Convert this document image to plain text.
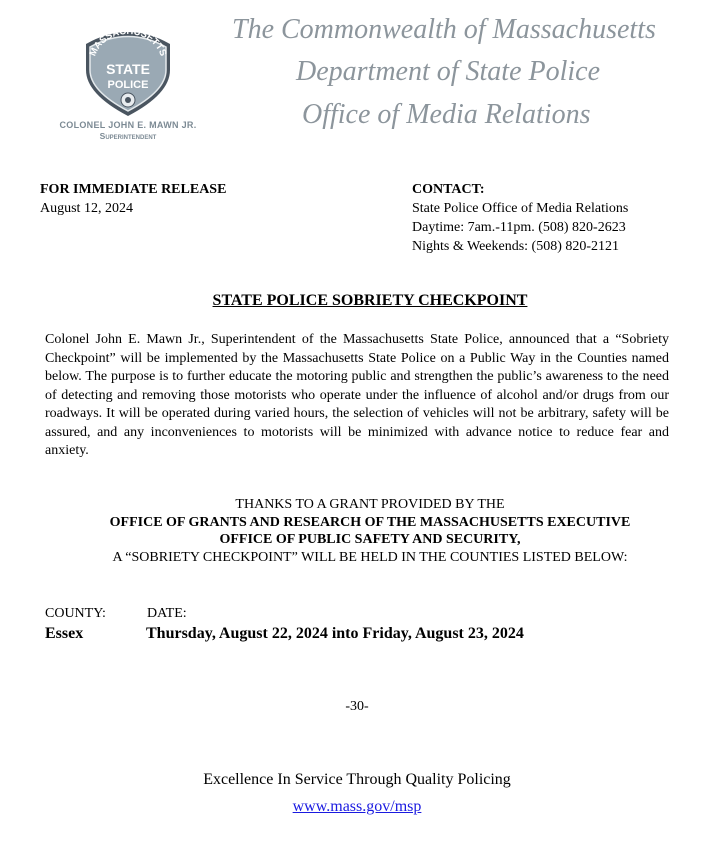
MASSACHUSETTS
STATE
POLICE
COLONEL JOHN E. MAWN JR.
Superintendent
The Commonwealth of Massachusetts
Department of State Police
Office of Media Relations
FOR IMMEDIATE RELEASE
August 12, 2024
CONTACT:
State Police Office of Media Relations
Daytime: 7am.-11pm. (508) 820-2623
Nights & Weekends: (508) 820-2121
STATE POLICE SOBRIETY CHECKPOINT
Colonel John E. Mawn Jr., Superintendent of the Massachusetts State Police, announced that a “Sobriety Checkpoint” will be implemented by the Massachusetts State Police on a Public Way in the Counties named below. The purpose is to further educate the motoring public and strengthen the public’s awareness to the need of detecting and removing those motorists who operate under the influence of alcohol and/or drugs from our roadways. It will be operated during varied hours, the selection of vehicles will not be arbitrary, safety will be assured, and any inconveniences to motorists will be minimized with advance notice to reduce fear and anxiety.
THANKS TO A GRANT PROVIDED BY THE
OFFICE OF GRANTS AND RESEARCH OF THE MASSACHUSETTS EXECUTIVE
OFFICE OF PUBLIC SAFETY AND SECURITY,
A “SOBRIETY CHECKPOINT” WILL BE HELD IN THE COUNTIES LISTED BELOW:
COUNTY:	DATE:
Essex	Thursday, August 22, 2024 into Friday, August 23, 2024
-30-
Excellence In Service Through Quality Policing
www.mass.gov/msp
